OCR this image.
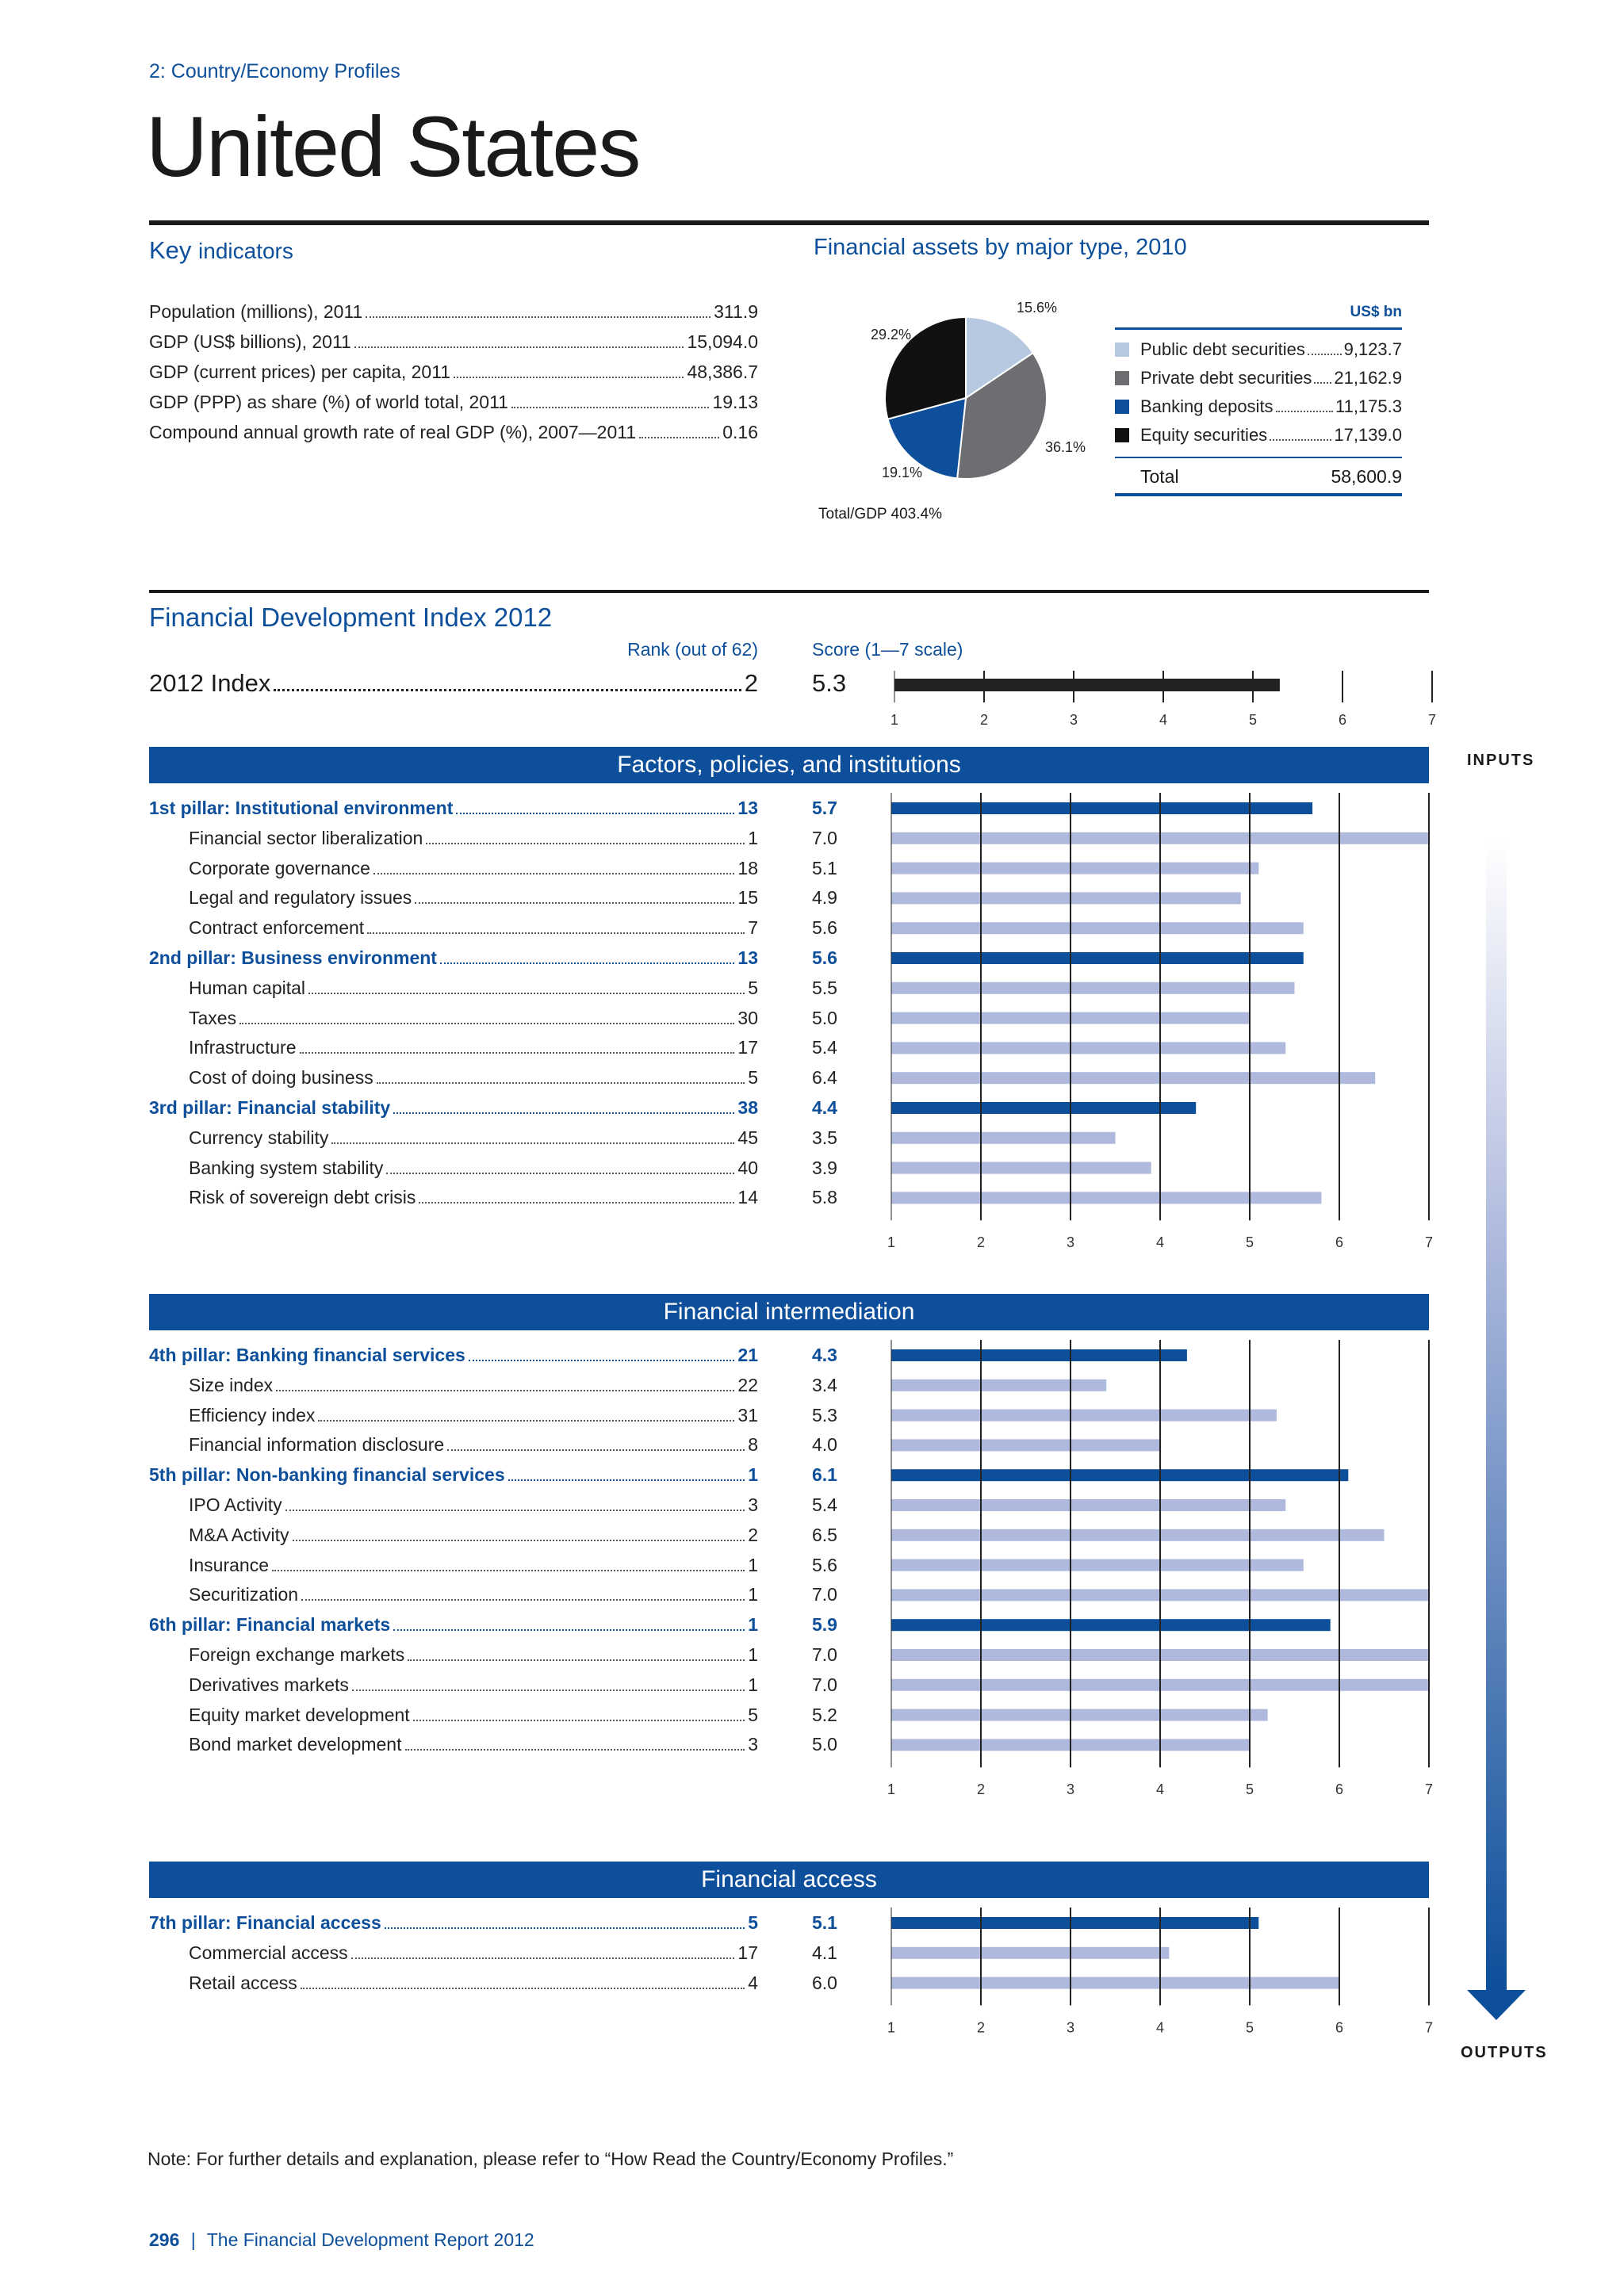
2: Country/Economy Profiles
United States
Key indicators
Population (millions), 2011	311.9
GDP (US$ billions), 2011	15,094.0
GDP (current prices) per capita, 2011	48,386.7
GDP (PPP) as share (%) of world total, 2011	19.13
Compound annual growth rate of real GDP (%), 2007—2011	0.16
Financial assets by major type, 2010
15.6%
36.1%
19.1%
29.2%
Total/GDP 403.4%
US$ bn
Public debt securities 9,123.7
Private debt securities 21,162.9
Banking deposits	11,175.3
Equity securities	17,139.0
Total	58,600.9
Financial Development Index 2012
Rank (out of 62)	Score (1—7 scale)
2012 Index	2 5.3
1	2	3	4	5	6	7
Factors, policies, and institutions
1st pillar: Institutional environment	13	5.7
Financial sector liberalization	1	7.0
Corporate governance	18	5.1
Legal and regulatory issues	15	4.9
Contract enforcement	7	5.6
2nd pillar: Business environment	13	5.6
Human capital	5	5.5
Taxes	30	5.0
Infrastructure	17	5.4
Cost of doing business	5	6.4
3rd pillar: Financial stability	38	4.4
Currency stability	45	3.5
Banking system stability	40	3.9
Risk of sovereign debt crisis	14	5.8
1	2	3	4	5	6	7
Financial intermediation
4th pillar: Banking financial services	21	4.3
Size index	22	3.4
Efficiency index	31	5.3
Financial information disclosure	8	4.0
5th pillar: Non-banking financial services	1	6.1
IPO Activity	3	5.4
M&A Activity	2	6.5
Insurance	1	5.6
Securitization	1	7.0
6th pillar: Financial markets	1	5.9
Foreign exchange markets	1	7.0
Derivatives markets	1	7.0
Equity market development	5	5.2
Bond market development	3	5.0
1	2	3	4	5	6	7
Financial access
7th pillar: Financial access	5	5.1
Commercial access	17	4.1
Retail access	4	6.0
1	2	3	4	5	6	7
INPUTS
OUTPUTS
Note: For further details and explanation, please refer to “How Read the Country/Economy Profiles.”
296 | The Financial Development Report 2012
